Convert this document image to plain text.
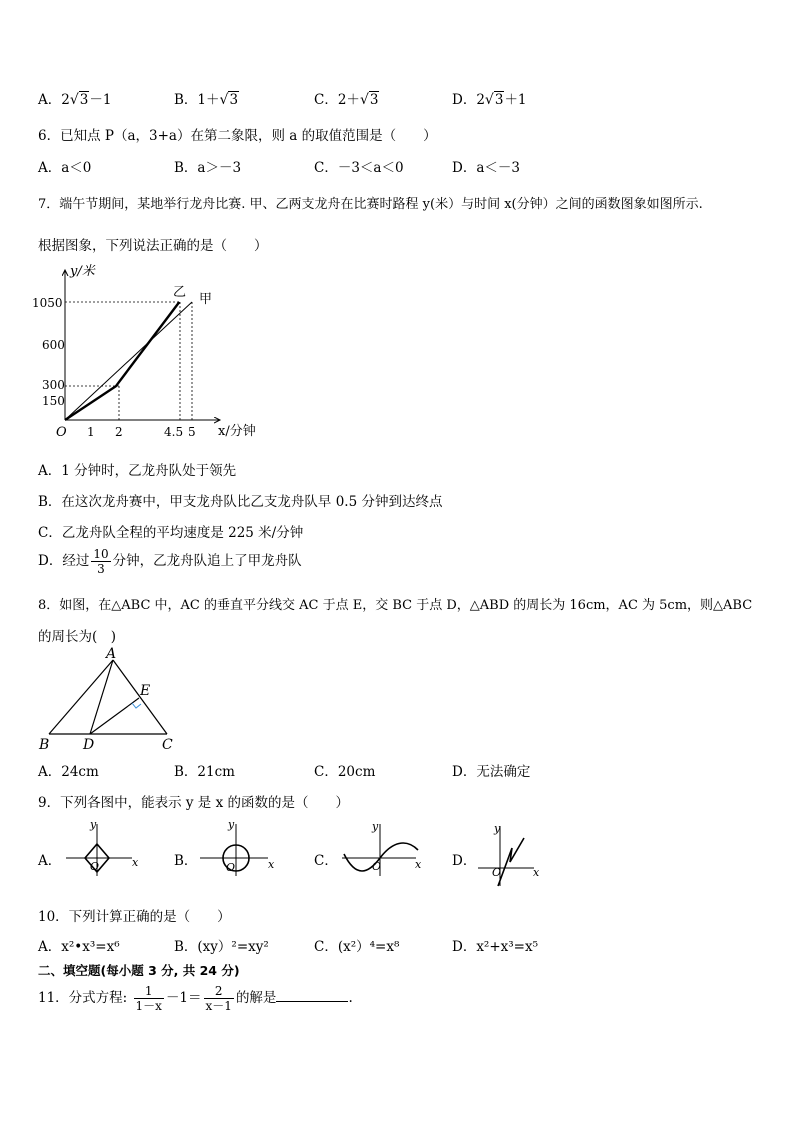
A．2√3－1	B．1＋√3	C．2＋√3	D．2√3＋1
6．已知点 P（a，3+a）在第二象限，则 a 的取值范围是（　　）
A．a＜0	B．a＞－3	C．－3＜a＜0	D．a＜－3
7．端午节期间，某地举行龙舟比赛. 甲、乙两支龙舟在比赛时路程 y(米）与时间 x(分钟）之间的函数图象如图所示.
根据图象，下列说法正确的是（　　）
y/米
x/分钟
O
1050
600
300
150
1 2	4.5 5
乙 甲
A．1 分钟时，乙龙舟队处于领先
B．在这次龙舟赛中，甲支龙舟队比乙支龙舟队早 0.5 分钟到达终点
C．乙龙舟队全程的平均速度是 225 米/分钟
D．经过 $\frac{10}{3}$ 分钟，乙龙舟队追上了甲龙舟队
8．如图，在△ABC 中，AC 的垂直平分线交 AC 于点 E，交 BC 于点 D，△ABD 的周长为 16cm，AC 为 5cm，则△ABC
的周长为(　)
A
B	C
D
E
A．24cm	B．21cm	C．20cm	D．无法确定
9．下列各图中，能表示 y 是 x 的函数的是（　　）
A．
y
x
O	B．
y
x
O	C．
y
x
O	D．
y
x
O
10．下列计算正确的是（　　）
A．x²•x³=x⁶	B．(xy）²=xy²	C．(x²）⁴=x⁸	D．x²+x³=x⁵
二、填空题(每小题 3 分, 共 24 分)
11．分式方程: $\frac{1}{1-x} -1= \frac{2}{x-1}$ 的解是	.
